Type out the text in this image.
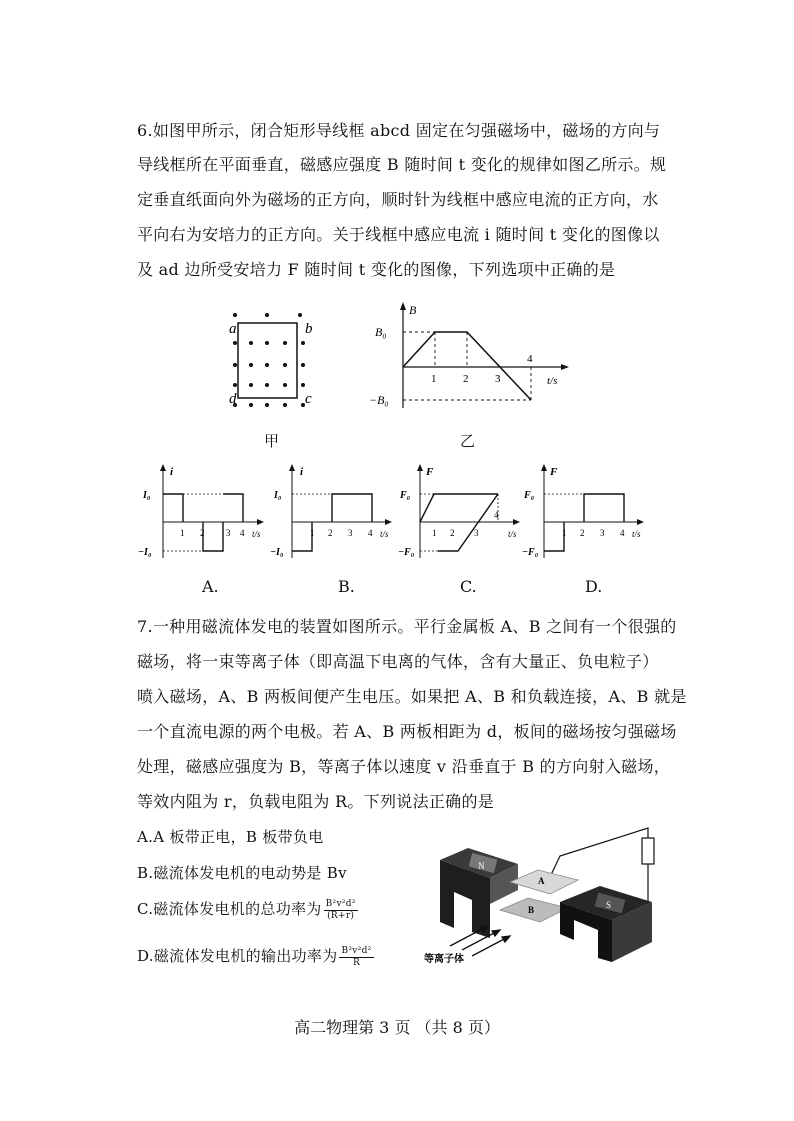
6.如图甲所示，闭合矩形导线框 abcd 固定在匀强磁场中，磁场的方向与
导线框所在平面垂直，磁感应强度 B 随时间 t 变化的规律如图乙所示。规
定垂直纸面向外为磁场的正方向，顺时针为线框中感应电流的正方向，水
平向右为安培力的正方向。关于线框中感应电流 i 随时间 t 变化的图像以
及 ad 边所受安培力 F 随时间 t 变化的图像，下列选项中正确的是
a	b
c
d
甲
B
B₀
−B₀
1 2 3
4
t/s
乙
i
I₀
−I₀
1 2 3 4 t/s
i
I₀
−I₀
1 2 3 4 t/s
F
F₀
−F₀
1 2 3
4
t/s
F
F₀
−F₀
1 2 3 4 t/s
A.	B.	C.	D.
7.一种用磁流体发电的装置如图所示。平行金属板 A、B 之间有一个很强的
磁场，将一束等离子体（即高温下电离的气体，含有大量正、负电粒子）
喷入磁场，A、B 两板间便产生电压。如果把 A、B 和负载连接，A、B 就是
一个直流电源的两个电极。若 A、B 两板相距为 d，板间的磁场按匀强磁场
处理，磁感应强度为 B，等离子体以速度 v 沿垂直于 B 的方向射入磁场，
等效内阻为 r，负载电阻为 R。下列说法正确的是
A.A 板带正电，B 板带负电
B.磁流体发电机的电动势是 Bv
C.磁流体发电机的总功率为 $\frac{\text{B²v²d²}}{(R+r)}$
D.磁流体发电机的输出功率为 $\frac{\text{B²v²d²}}{R}$
N
A
B	S
等离子体
高二物理第 3 页 （共 8 页）
